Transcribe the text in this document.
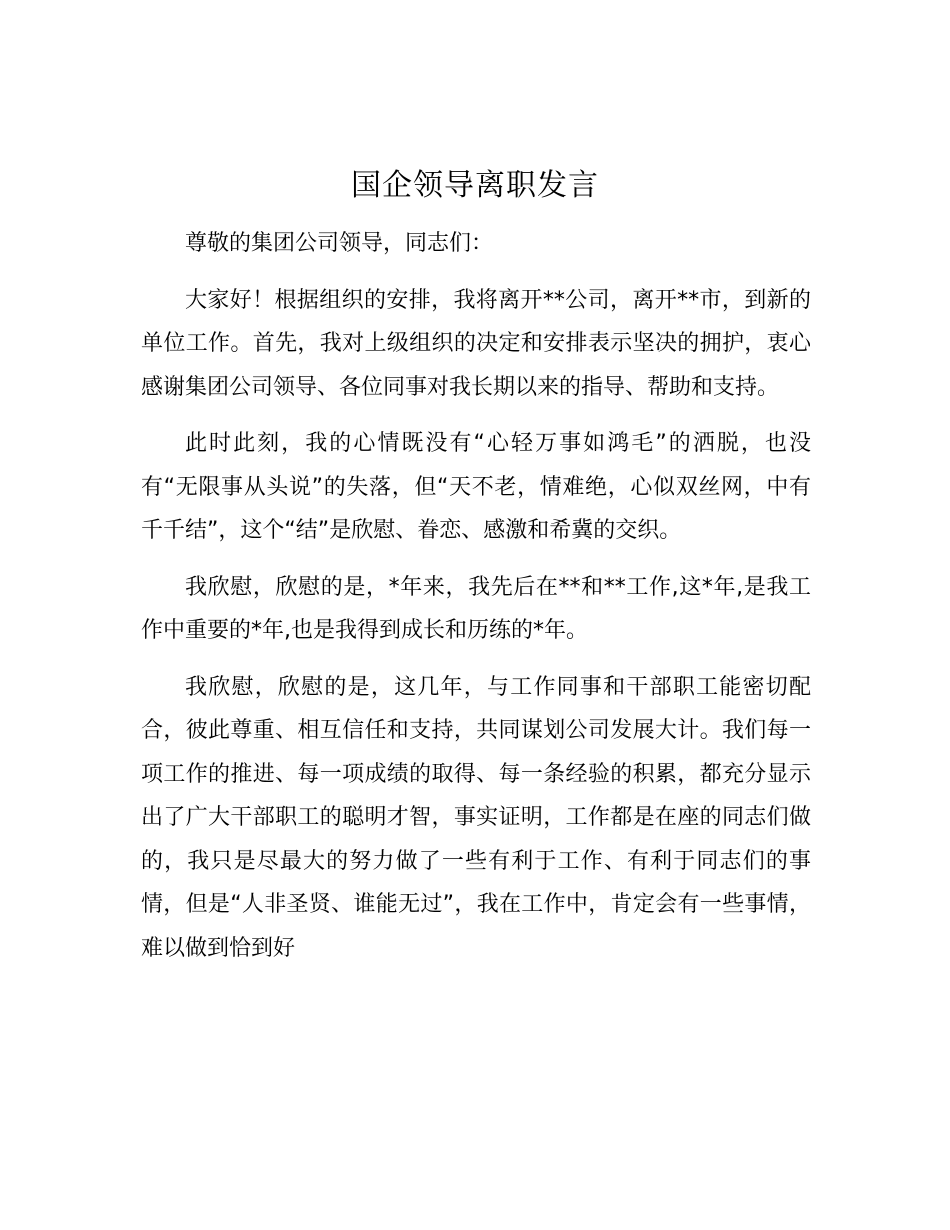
国企领导离职发言

尊敬的集团公司领导，同志们：

大家好！根据组织的安排，我将离开**公司，离开**市，到新的单位工作。首先，我对上级组织的决定和安排表示坚决的拥护，衷心感谢集团公司领导、各位同事对我长期以来的指导、帮助和支持。

此时此刻，我的心情既没有“心轻万事如鸿毛”的洒脱，也没有“无限事从头说”的失落，但“天不老，情难绝，心似双丝网，中有千千结”，这个“结”是欣慰、眷恋、感激和希冀的交织。

我欣慰，欣慰的是，*年来，我先后在**和**工作,这*年,是我工作中重要的*年,也是我得到成长和历练的*年。

我欣慰，欣慰的是，这几年，与工作同事和干部职工能密切配合，彼此尊重、相互信任和支持，共同谋划公司发展大计。我们每一项工作的推进、每一项成绩的取得、每一条经验的积累，都充分显示出了广大干部职工的聪明才智，事实证明，工作都是在座的同志们做的，我只是尽最大的努力做了一些有利于工作、有利于同志们的事情，但是“人非圣贤、谁能无过”，我在工作中，肯定会有一些事情，难以做到恰到好
